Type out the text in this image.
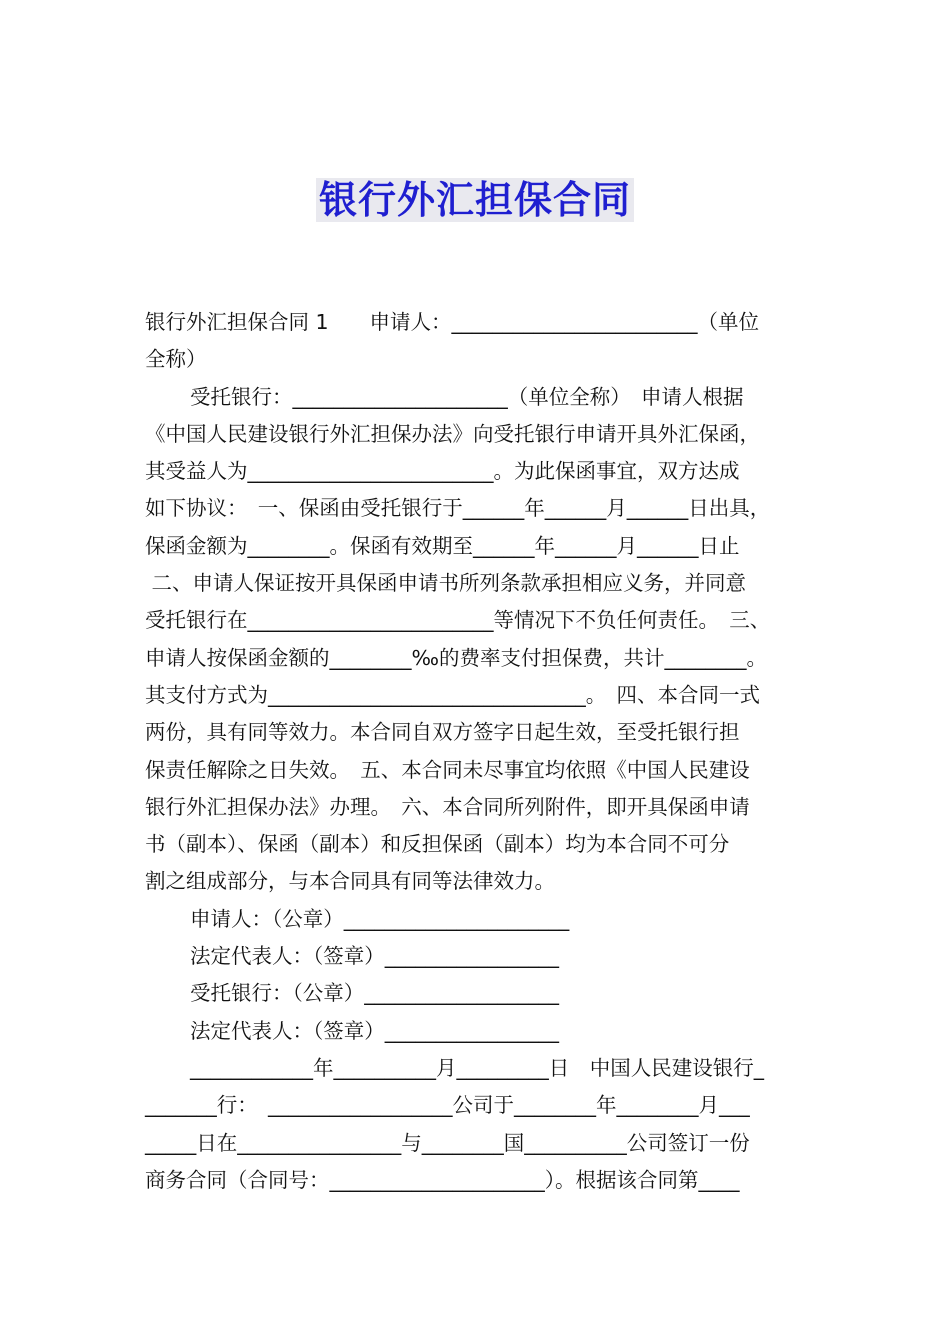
银行外汇担保合同
银行外汇担保合同 1　　申请人：________________________（单位
全称）
受托银行：_____________________（单位全称）　申请人根据
《中国人民建设银行外汇担保办法》向受托银行申请开具外汇保函，
其受益人为________________________。为此保函事宜，双方达成
如下协议：　一、保函由受托银行于______年______月______日出具，
保函金额为________。保函有效期至______年______月______日止
二、申请人保证按开具保函申请书所列条款承担相应义务，并同意
受托银行在________________________等情况下不负任何责任。　三、
申请人按保函金额的________‰的费率支付担保费，共计________。
其支付方式为_______________________________。　四、本合同一式
两份，具有同等效力。本合同自双方签字日起生效，至受托银行担
保责任解除之日失效。　五、本合同未尽事宜均依照《中国人民建设
银行外汇担保办法》办理。　六、本合同所列附件，即开具保函申请
书（副本）、保函（副本）和反担保函（副本）均为本合同不可分
割之组成部分，与本合同具有同等法律效力。
申请人：（公章）______________________
法定代表人：（签章）_________________
受托银行：（公章）___________________
法定代表人：（签章）_________________
____________年__________月_________日　中国人民建设银行_
_______行：　__________________公司于________年________月___
_____日在________________与________国__________公司签订一份
商务合同（合同号：_____________________）。根据该合同第____
